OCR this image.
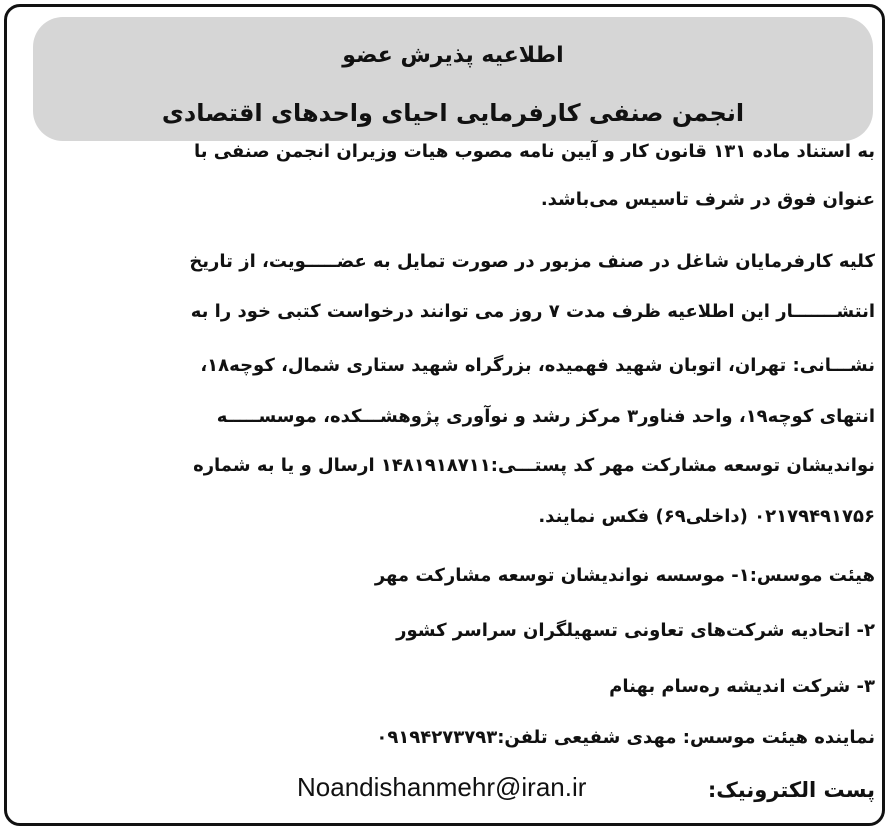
اطلاعیه پذیرش عضو
انجمن صنفی کارفرمایی احیای واحدهای اقتصادی
به استناد ماده ۱۳۱ قانون کار و آیین نامه مصوب هیات وزیران انجمن صنفی با
عنوان فوق در شرف تاسیس می‌باشد.
کلیه کارفرمایان شاغل در صنف مزبور در صورت تمایل به عضـــــویت، از تاریخ
انتشـــــــار این اطلاعیه ظرف مدت ۷ روز می توانند درخواست کتبی خود را به
نشـــانی: تهران، اتوبان شهید فهمیده، بزرگراه شهید ستاری شمال، کوچه۱۸،
انتهای کوچه۱۹، واحد فناور۳ مرکز رشد و نوآوری پژوهشـــکده، موسســـــه
نواندیشان توسعه مشارکت مهر کد پستـــی:۱۴۸۱۹۱۸۷۱۱ ارسال و یا به شماره
۰۲۱۷۹۴۹۱۷۵۶ (داخلی۶۹) فکس نمایند.
هیئت موسس:۱- موسسه نواندیشان توسعه مشارکت مهر
۲- اتحادیه شرکت‌های تعاونی تسهیلگران سراسر کشور
۳- شرکت اندیشه ره‌سام بهنام
نماینده هیئت موسس: مهدی شفیعی تلفن:۰۹۱۹۴۲۷۳۷۹۳
پست الکترونیک:
Noandishanmehr@iran.ir
